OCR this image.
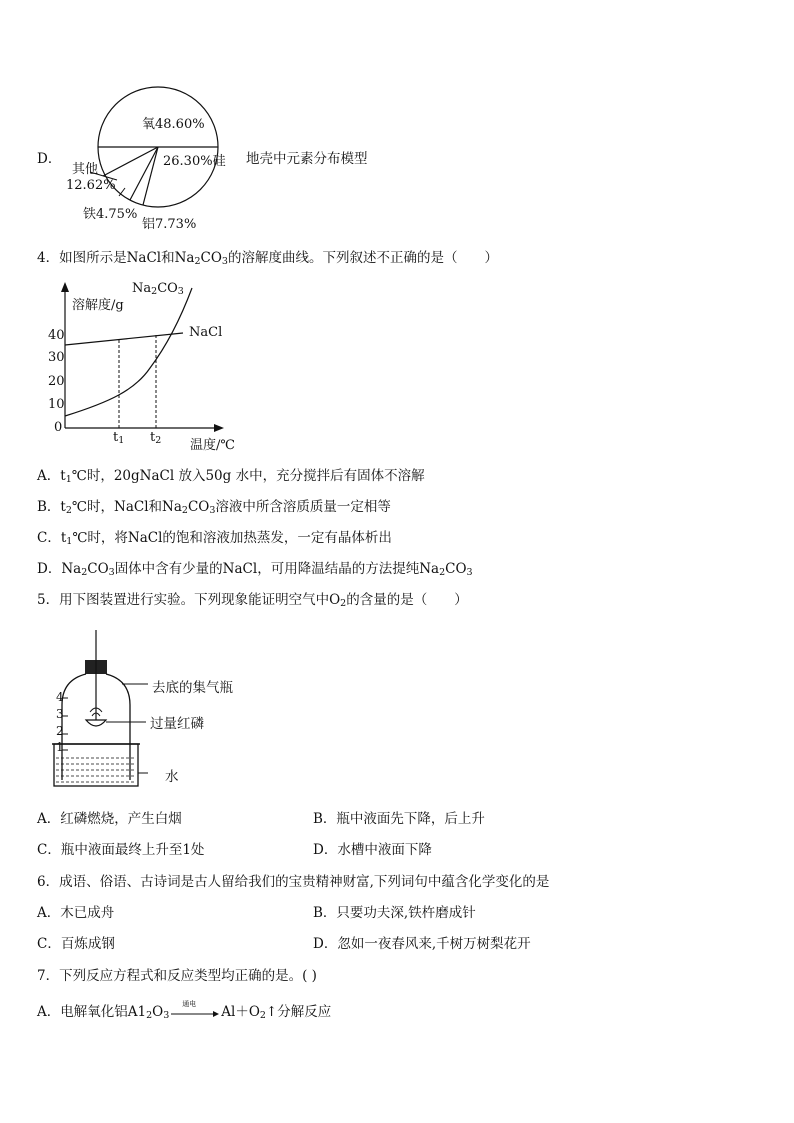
D．
氧48.60%
26.30%硅
其他
12.62%
铁4.75%
铝7.73%
地壳中元素分布模型
4．如图所示是NaCl和$Na_2CO_3$的溶解度曲线。下列叙述不正确的是（　　）
溶解度/g
$Na_2CO_3$
NaCl
40
30
20
10
0
$t_1$ $t_2$ 温度/℃
A．$t_1℃$时，20gNaCl 放入50g 水中，充分搅拌后有固体不溶解
B．$t_2℃$时，NaCl和$Na_2CO_3$溶液中所含溶质质量一定相等
C．$t_1℃$时，将NaCl的饱和溶液加热蒸发，一定有晶体析出
D．$Na_2CO_3$固体中含有少量的NaCl，可用降温结晶的方法提纯$Na_2CO_3$
5．用下图装置进行实验。下列现象能证明空气中$O_2$的含量的是（　　）
4
3
2
1
去底的集气瓶
过量红磷
水
A．红磷燃烧，产生白烟	B．瓶中液面先下降，后上升
C．瓶中液面最终上升至1处	D．水槽中液面下降
6．成语、俗语、古诗词是古人留给我们的宝贵精神财富,下列词句中蕴含化学变化的是
A．木已成舟	B．只要功夫深,铁杵磨成针
C．百炼成钢	D．忽如一夜春风来,千树万树梨花开
7．下列反应方程式和反应类型均正确的是。( )
A．电解氧化铝$A1_2O_3$
通电
$Al+O_2↑$分解反应
